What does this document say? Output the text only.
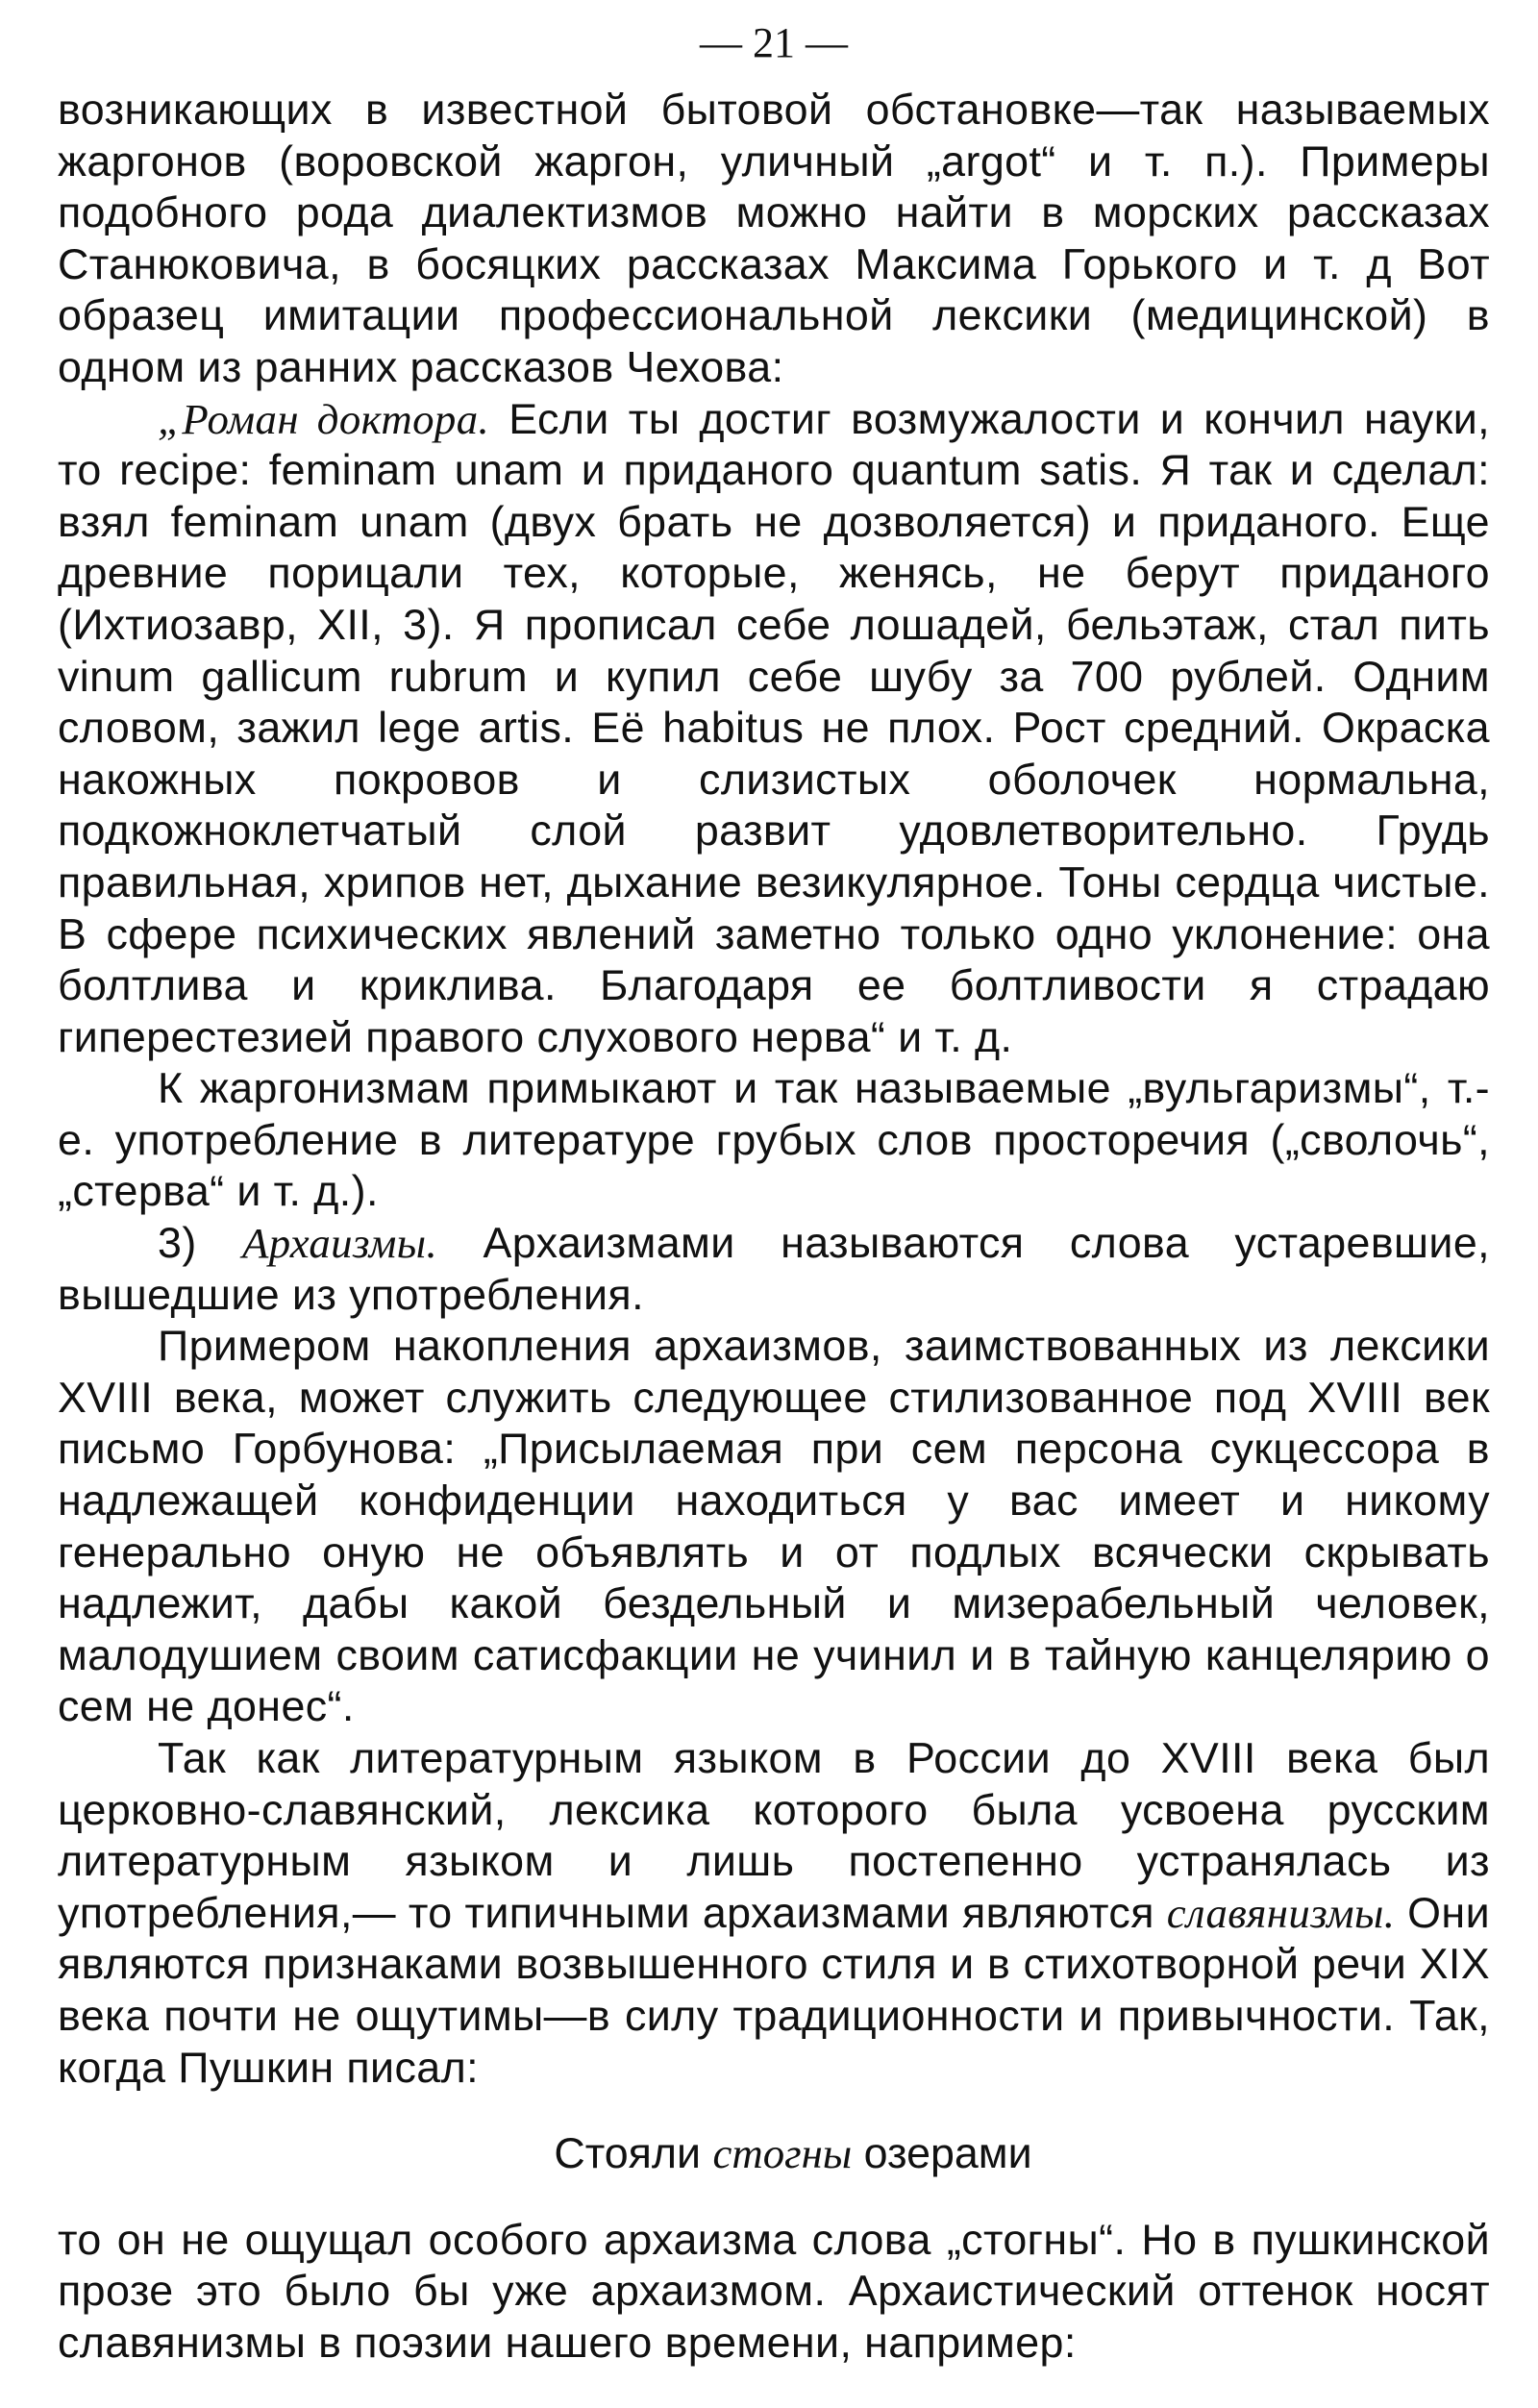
— 21 —

возникающих в известной бытовой обстановке—так называемых жаргонов (воровской жаргон, уличный „argot“ и т. п.). Примеры подобного рода диалектизмов можно найти в морских рассказах Станюковича, в босяцких рассказах Максима Горького и т. д Вот образец имитации профессиональной лексики (медицинской) в одном из ранних рассказов Чехова:

„Роман доктора. Если ты достиг возмужалости и кончил науки, то recipe: feminam unam и приданого quantum satis. Я так и сделал: взял feminam unam (двух брать не дозволяется) и приданого. Еще древние порицали тех, которые, женясь, не берут приданого (Ихтиозавр, XII, 3). Я прописал себе лошадей, бельэтаж, стал пить vinum gallicum rubrum и купил себе шубу за 700 рублей. Одним словом, зажил lege artis. Её habitus не плох. Рост средний. Окраска накожных покровов и слизистых оболочек нормальна, подкожноклетчатый слой развит удовлетворительно. Грудь правильная, хрипов нет, дыхание везикулярное. Тоны сердца чистые. В сфере психических явлений заметно только одно уклонение: она болтлива и криклива. Благодаря ее болтливости я страдаю гиперестезией правого слухового нерва“ и т. д.

К жаргонизмам примыкают и так называемые „вульгаризмы“, т.-е. употребление в литературе грубых слов просторечия („сволочь“, „стерва“ и т. д.).

3) Архаизмы. Архаизмами называются слова устаревшие, вышедшие из употребления.

Примером накопления архаизмов, заимствованных из лексики XVIII века, может служить следующее стилизованное под XVIII век письмо Горбунова: „Присылаемая при сем персона сукцессора в надлежащей конфиденции находиться у вас имеет и никому генерально оную не объявлять и от подлых всячески скрывать надлежит, дабы какой бездельный и мизерабельный человек, малодушием своим сатисфакции не учинил и в тайную канцелярию о сем не донес“.

Так как литературным языком в России до XVIII века был церковно-славянский, лексика которого была усвоена русским литературным языком и лишь постепенно устранялась из употребления,— то типичными архаизмами являются славянизмы. Они являются признаками возвышенного стиля и в стихотворной речи XIX века почти не ощутимы—в силу традиционности и привычности. Так, когда Пушкин писал:

Стояли стогны озерами

то он не ощущал особого архаизма слова „стогны“. Но в пушкинской прозе это было бы уже архаизмом. Архаистический оттенок носят славянизмы в поэзии нашего времени, например:
